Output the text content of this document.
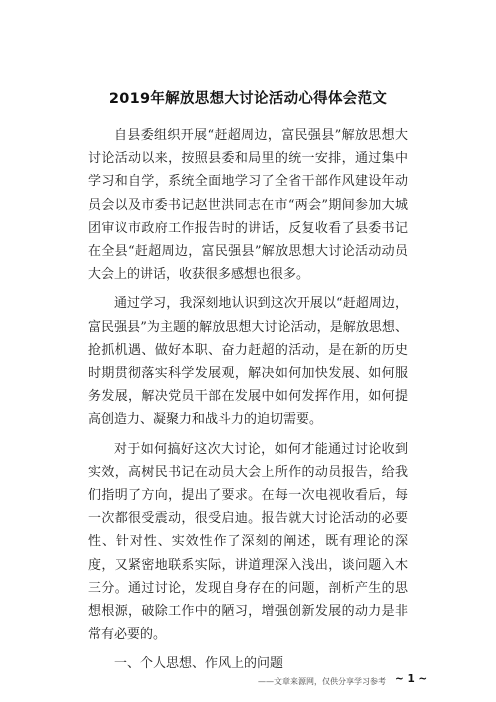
2019年解放思想大讨论活动心得体会范文

自县委组织开展“赶超周边，富民强县”解放思想大讨论活动以来，按照县委和局里的统一安排，通过集中学习和自学，系统全面地学习了全省干部作风建设年动员会以及市委书记赵世洪同志在市“两会”期间参加大城团审议市政府工作报告时的讲话，反复收看了县委书记在全县“赶超周边，富民强县”解放思想大讨论活动动员大会上的讲话，收获很多感想也很多。

通过学习，我深刻地认识到这次开展以“赶超周边，富民强县”为主题的解放思想大讨论活动，是解放思想、抢抓机遇、做好本职、奋力赶超的活动，是在新的历史时期贯彻落实科学发展观，解决如何加快发展、如何服务发展，解决党员干部在发展中如何发挥作用，如何提高创造力、凝聚力和战斗力的迫切需要。

对于如何搞好这次大讨论，如何才能通过讨论收到实效，高树民书记在动员大会上所作的动员报告，给我们指明了方向，提出了要求。在每一次电视收看后，每一次都很受震动，很受启迪。报告就大讨论活动的必要性、针对性、实效性作了深刻的阐述，既有理论的深度，又紧密地联系实际，讲道理深入浅出，谈问题入木三分。通过讨论，发现自身存在的问题，剖析产生的思想根源，破除工作中的陋习，增强创新发展的动力是非常有必要的。

一、个人思想、作风上的问题

——文章来源网，仅供分享学习参考 ~ 1 ~
